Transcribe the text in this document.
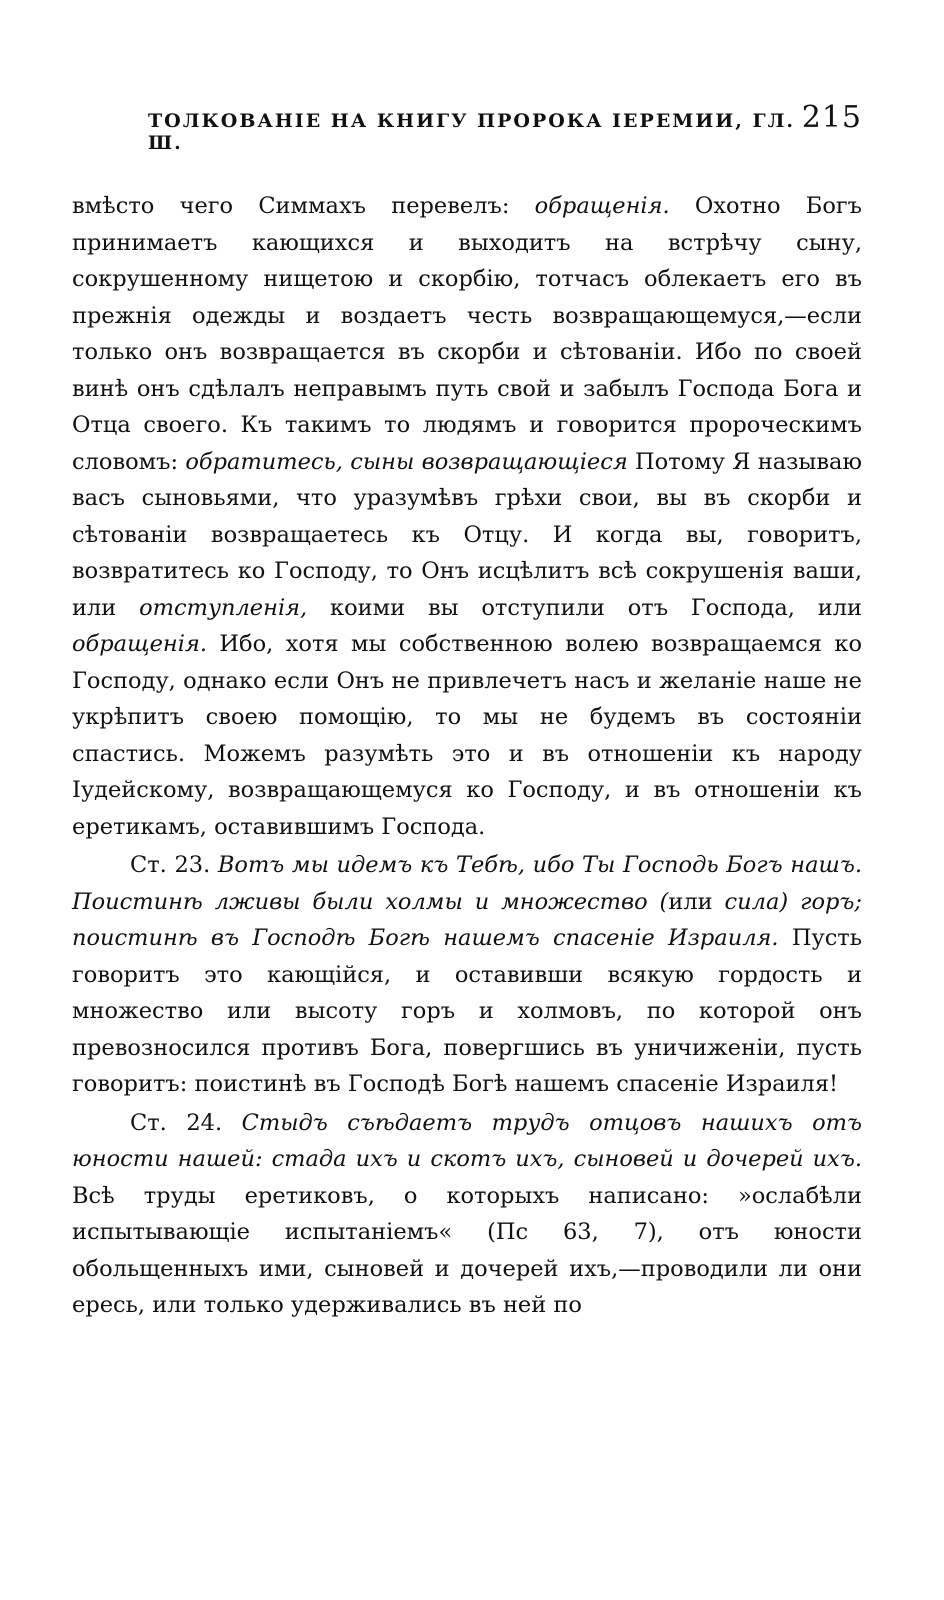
ТОЛКОВАНІЕ НА КНИГУ ПРОРОКА ІЕРЕМИИ, ГЛ. Ш.
215

вмѣсто чего Симмахъ перевелъ: обращенія. Охотно Богъ принимаетъ кающихся и выходитъ на встрѣчу сыну, сокрушенному нищетою и скорбію, тотчасъ облекаетъ его въ прежнія одежды и воздаетъ честь возвращающемуся,—если только онъ возвращается въ скорби и сѣтованіи. Ибо по своей винѣ онъ сдѣлалъ неправымъ путь свой и забылъ Господа Бога и Отца своего. Къ такимъ то людямъ и говорится пророческимъ словомъ: обратитесь, сыны возвращающіеся Потому Я называю васъ сыновьями, что уразумѣвъ грѣхи свои, вы въ скорби и сѣтованіи возвращаетесь къ Отцу. И когда вы, говоритъ, возвратитесь ко Господу, то Онъ исцѣлитъ всѣ сокрушенія ваши, или отступленія, коими вы отступили отъ Господа, или обращенія. Ибо, хотя мы собственною волею возвращаемся ко Господу, однако если Онъ не привлечетъ насъ и желаніе наше не укрѣпитъ своею помощію, то мы не будемъ въ состояніи спастись. Можемъ разумѣть это и въ отношеніи къ народу Іудейскому, возвращающемуся ко Господу, и въ отношеніи къ еретикамъ, оставившимъ Господа.

Ст. 23. Вотъ мы идемъ къ Тебѣ, ибо Ты Господь Богъ нашъ. Поистинѣ лживы были холмы и множество (или сила) горъ; поистинѣ въ Господѣ Богѣ нашемъ спасеніе Израиля. Пусть говоритъ это кающійся, и оставивши всякую гордость и множество или высоту горъ и холмовъ, по которой онъ превозносился противъ Бога, повергшись въ уничиженіи, пусть говоритъ: поистинѣ въ Господѣ Богѣ нашемъ спасеніе Израиля!

Ст. 24. Стыдъ съѣдаетъ трудъ отцовъ нашихъ отъ юности нашей: стада ихъ и скотъ ихъ, сыновей и дочерей ихъ. Всѣ труды еретиковъ, о которыхъ написано: »ослабѣли испытывающіе испытаніемъ« (Пс 63, 7), отъ юности обольщенныхъ ими, сыновей и дочерей ихъ,—проводили ли они ересь, или только удерживались въ ней по
